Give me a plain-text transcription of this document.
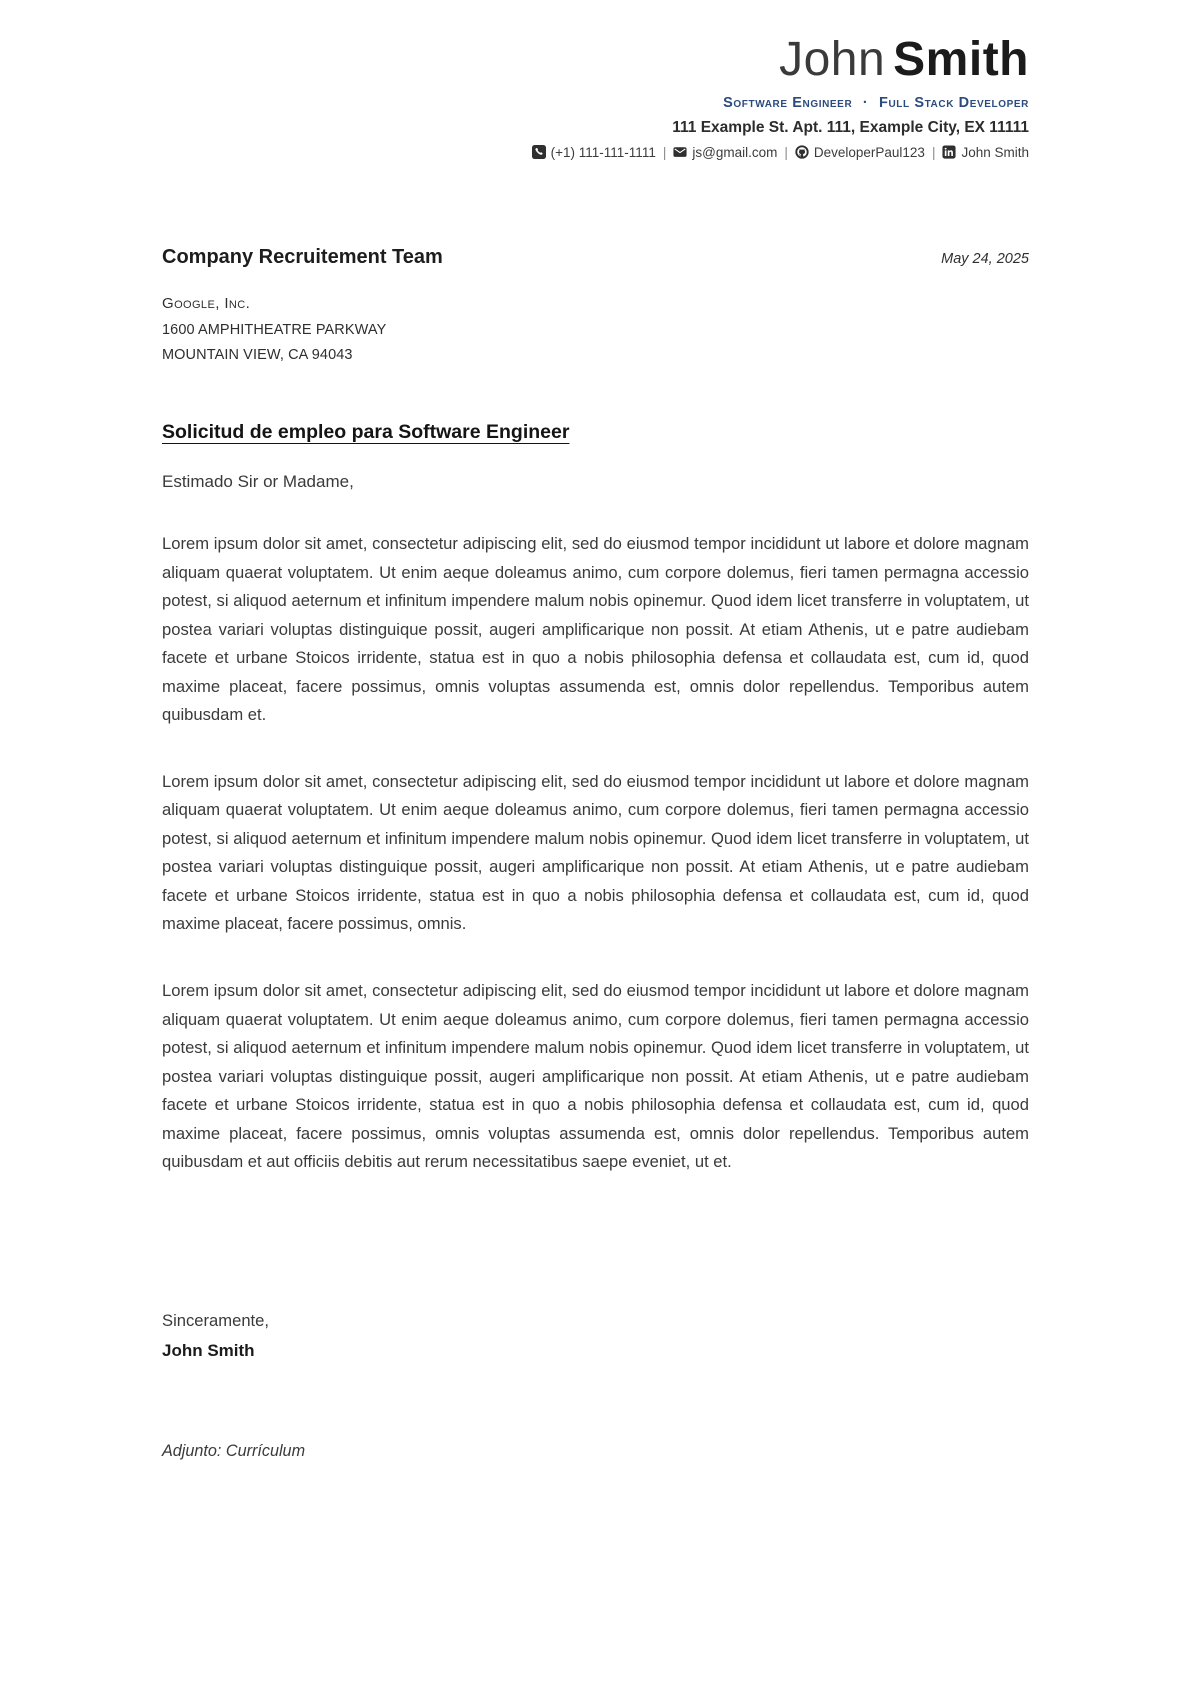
John Smith
Software Engineer · Full Stack Developer
111 Example St. Apt. 111, Example City, EX 11111
(+1) 111-111-1111 | js@gmail.com | DeveloperPaul123 | John Smith
Company Recruitement Team	May 24, 2025
Google, Inc.
1600 AMPHITHEATRE PARKWAY
MOUNTAIN VIEW, CA 94043
Solicitud de empleo para Software Engineer
Estimado Sir or Madame,

Lorem ipsum dolor sit amet, consectetur adipiscing elit, sed do eiusmod tempor incididunt ut labore et dolore magnam aliquam quaerat voluptatem. Ut enim aeque doleamus animo, cum corpore dolemus, fieri tamen permagna accessio potest, si aliquod aeternum et infinitum impendere malum nobis opinemur. Quod idem licet transferre in voluptatem, ut postea variari voluptas distinguique possit, augeri amplificarique non possit. At etiam Athenis, ut e patre audiebam facete et urbane Stoicos irridente, statua est in quo a nobis philosophia defensa et collaudata est, cum id, quod maxime placeat, facere possimus, omnis voluptas assumenda est, omnis dolor repellendus. Temporibus autem quibusdam et.

Lorem ipsum dolor sit amet, consectetur adipiscing elit, sed do eiusmod tempor incididunt ut labore et dolore magnam aliquam quaerat voluptatem. Ut enim aeque doleamus animo, cum corpore dolemus, fieri tamen permagna accessio potest, si aliquod aeternum et infinitum impendere malum nobis opinemur. Quod idem licet transferre in voluptatem, ut postea variari voluptas distinguique possit, augeri amplificarique non possit. At etiam Athenis, ut e patre audiebam facete et urbane Stoicos irridente, statua est in quo a nobis philosophia defensa et collaudata est, cum id, quod maxime placeat, facere possimus, omnis.

Lorem ipsum dolor sit amet, consectetur adipiscing elit, sed do eiusmod tempor incididunt ut labore et dolore magnam aliquam quaerat voluptatem. Ut enim aeque doleamus animo, cum corpore dolemus, fieri tamen permagna accessio potest, si aliquod aeternum et infinitum impendere malum nobis opinemur. Quod idem licet transferre in voluptatem, ut postea variari voluptas distinguique possit, augeri amplificarique non possit. At etiam Athenis, ut e patre audiebam facete et urbane Stoicos irridente, statua est in quo a nobis philosophia defensa et collaudata est, cum id, quod maxime placeat, facere possimus, omnis voluptas assumenda est, omnis dolor repellendus. Temporibus autem quibusdam et aut officiis debitis aut rerum necessitatibus saepe eveniet, ut et.

Sinceramente,
John Smith
Adjunto: Currículum
